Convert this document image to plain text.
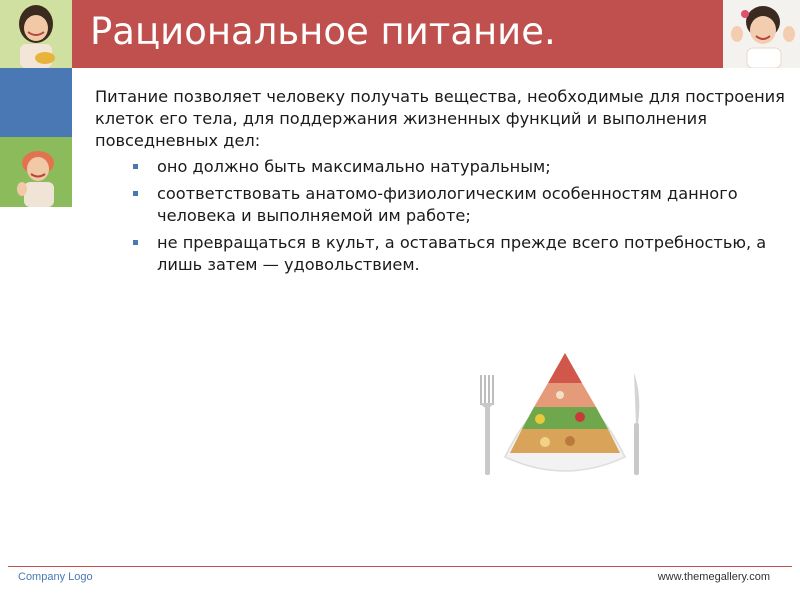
Рациональное питание.

Питание позволяет человеку получать вещества, необходимые для построения клеток его тела, для поддержания жизненных функций и выполнения повседневных дел:

оно должно быть максимально натуральным;
соответствовать анатомо-физиологическим особенностям данного человека и выполняемой им работе;
не превращаться в культ, а оставаться прежде всего потребностью, а лишь затем — удовольствием.
Company Logo	www.themegallery.com
